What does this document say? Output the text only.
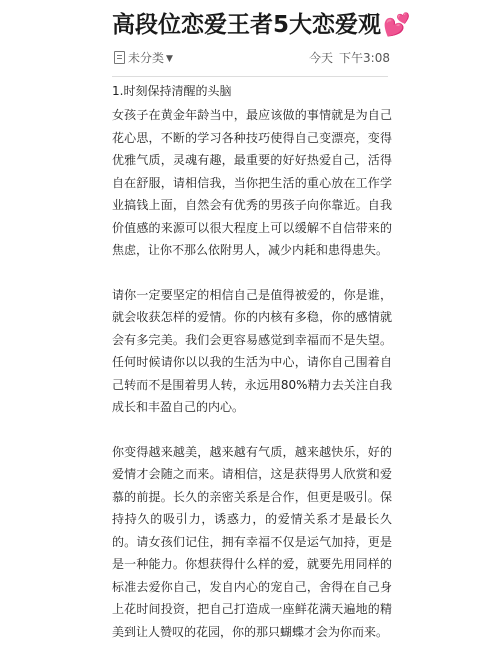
高段位恋爱王者5大恋爱观💕
未分类 ▼	今天 下午3:08
1.时刻保持清醒的头脑

女孩子在黄金年龄当中，最应该做的事情就是为自己花心思，不断的学习各种技巧使得自己变漂亮，变得优雅气质，灵魂有趣，最重要的好好热爱自己，活得自在舒服，请相信我，当你把生活的重心放在工作学业搞钱上面，自然会有优秀的男孩子向你靠近。自我价值感的来源可以很大程度上可以缓解不自信带来的焦虑，让你不那么依附男人，减少内耗和患得患失。

请你一定要坚定的相信自己是值得被爱的，你是谁，就会收获怎样的爱情。你的内核有多稳，你的感情就会有多完美。我们会更容易感觉到幸福而不是失望。任何时候请你以以我的生活为中心，请你自己围着自己转而不是围着男人转，永远用80%精力去关注自我成长和丰盈自己的内心。

你变得越来越美，越来越有气质，越来越快乐，好的爱情才会随之而来。请相信，这是获得男人欣赏和爱慕的前提。长久的亲密关系是合作，但更是吸引。保持持久的吸引力，诱惑力，的爱情关系才是最长久的。请女孩们记住，拥有幸福不仅是运气加持，更是是一种能力。你想获得什么样的爱，就要先用同样的标准去爱你自己，发自内心的宠自己，舍得在自己身上花时间投资，把自己打造成一座鲜花满天遍地的精美到让人赞叹的花园，你的那只蝴蝶才会为你而来。
